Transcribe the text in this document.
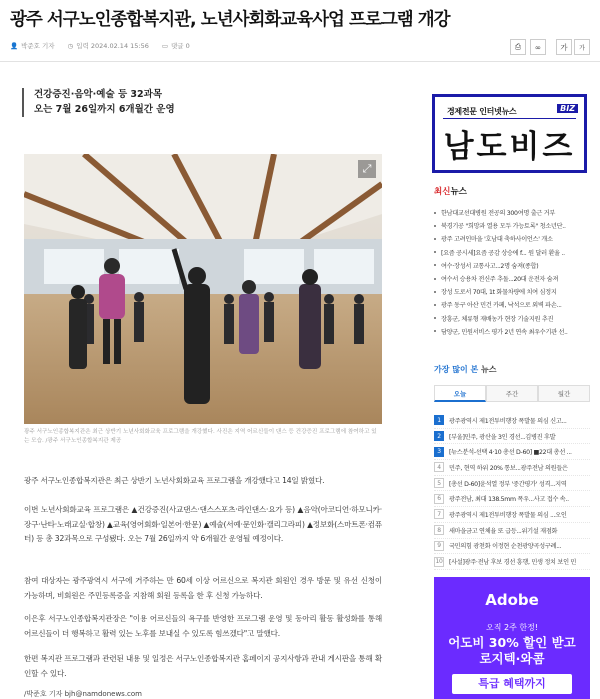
광주 서구노인종합복지관, 노년사회화교육사업 프로그램 개강
👤 박준호 기자 ◷ 입력 2024.02.14 15:56 ▭ 댓글 0	⎙ ∞	가 가
건강증진·음악·예술 등 32과목
오는 7월 26일까지 6개월간 운영
⤢
광주 서구노인종합복지관은 최근 상반기 노년사회화교육 프로그램을 개강했다. 사진은 지역 어르신들이 댄스 등 건강증진 프로그램에 참여하고 있는 모습. /광주 서구노인종합복지관 제공

광주 서구노인종합복지관은 최근 상반기 노년사회화교육 프로그램을 개강했다고 14일 밝혔다.

이번 노년사회화교육 프로그램은 ▲건강증진(사교댄스·댄스스포츠·라인댄스·요가 등) ▲음악(아코디언·하모니카·장구·난타·노래교실·합창) ▲교육(영어회화·일본어·한문) ▲예술(서예·문인화·캘리그라피) ▲정보화(스마트폰·컴퓨터) 등 총 32과목으로 구성됐다. 오는 7월 26일까지 약 6개월간 운영될 예정이다.

참여 대상자는 광주광역시 서구에 거주하는 만 60세 이상 어르신으로 복지관 회원인 경우 방문 및 유선 신청이 가능하며, 비회원은 주민등록증을 지참해 회원 등록을 한 후 신청 가능하다.

이은후 서구노인종합복지관장은 "이용 어르신들의 욕구를 반영한 프로그램 운영 및 동아리 활동 활성화를 통해 어르신들이 더 행복하고 활력 있는 노후를 보내실 수 있도록 힘쓰겠다"고 말했다.

한편 복지관 프로그램과 관련된 내용 및 일정은 서구노인종합복지관 홈페이지 공지사항과 관내 게시판을 통해 확인할 수 있다.

/박준호 기자 bjh@namdonews.com
경제전문 인터넷뉴스	BIZ
남도비즈
최신뉴스
한남대교선대병원 전공의 300여명 출근 거부
북경기공 "희망과 열용 모두 가능토록" 청소년단..
광주 고려인마을 '호남대 축하사이언스' 개소
[요즘 공시세]요즘 공감 상승에 f... 원 달러 환율 ..
여수·장성서 교통사고...2명 숨져(종합)
여수서 승용차 전신주 추돌...20대 운전자 숨져
장성 도로서 70대, 1t 화물차량에 치여 심정지
광주 동구 아산 민건 카페, 낙석으로 외벽 파손...
장흥군, 체류형 재배농가 현장 기술지원 추진
담양군, 민원서비스 평가 2년 연속 최우수기관 선..
가장 많이 본 뉴스
오늘	주간	월간
1	광주광역시 제1전투비행장 폭발물 의심 신고...
2	[부울]민주, 광산을 3인 경선...김병진 후발
3	[뉴스분석-선택 4·10 총선 D-60] ■22대 총선 ...
4	민주, 현역 하위 20% 통보...광주전남 의원들은
5	[총선 D-60]윤석열 정부 '중간평가' 성격...지역
6	광주전남, 최대 138.5mm 폭우...사고 접수 속..
7	광주광역시 제1전투비행장 폭발물 의심 ...오인
8	새마을금고 연체율 또 급등...위기설 재점화
9	국민의힘 광천화 이정현 순천광양곡성구례...
10 [사설]광주·전남 후보 경선 흥행, 민생 정치 보인 민
Adobe
오직 2주 한정!
어도비 30% 할인 받고
로지텍·와콤
특급 혜택까지
